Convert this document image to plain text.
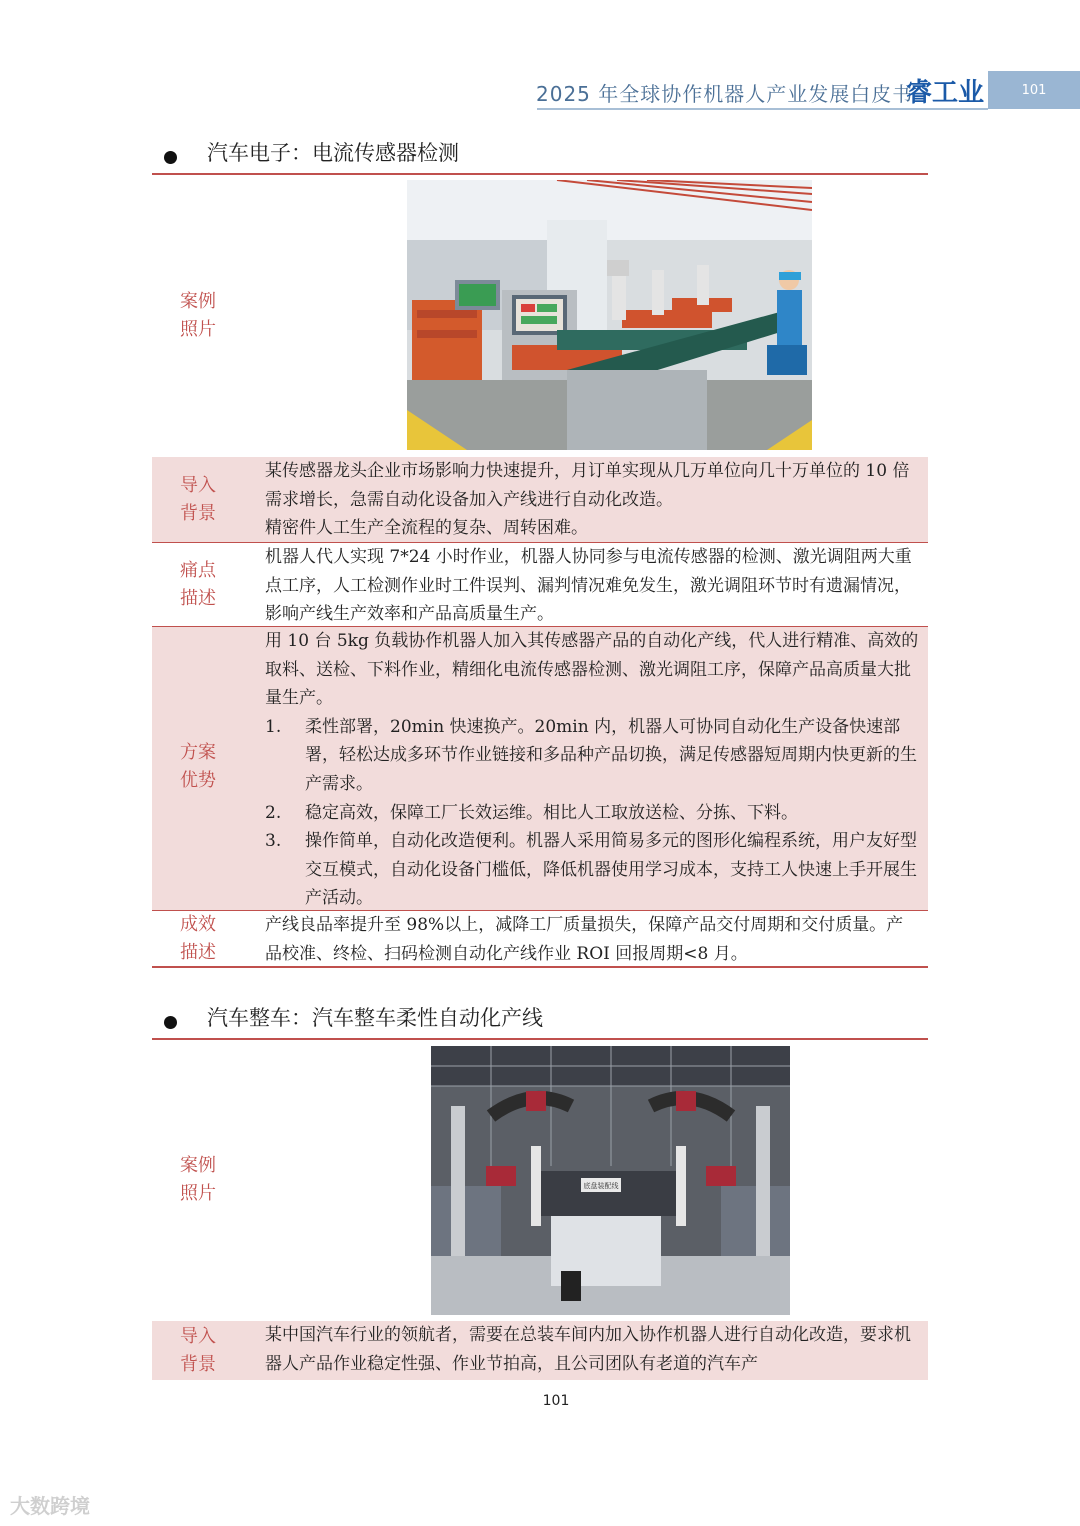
2025 年全球协作机器人产业发展白皮书
睿工业	101
汽车电子：电流传感器检测
案例
照片
导入
背景

某传感器龙头企业市场影响力快速提升，月订单实现从几万单位向几十万单位的 10 倍需求增长，急需自动化设备加入产线进行自动化改造。

精密件人工生产全流程的复杂、周转困难。

痛点
描述

机器人代人实现 7*24 小时作业，机器人协同参与电流传感器的检测、激光调阻两大重点工序，人工检测作业时工件误判、漏判情况难免发生，激光调阻环节时有遗漏情况，影响产线生产效率和产品高质量生产。

方案
优势

用 10 台 5kg 负载协作机器人加入其传感器产品的自动化产线，代人进行精准、高效的取料、送检、下料作业，精细化电流传感器检测、激光调阻工序，保障产品高质量大批量生产。

1. 柔性部署，20min 快速换产。20min 内，机器人可协同自动化生产设备快速部署，轻松达成多环节作业链接和多品种产品切换，满足传感器短周期内快更新的生产需求。
2. 稳定高效，保障工厂长效运维。相比人工取放送检、分拣、下料。
3. 操作简单，自动化改造便利。机器人采用简易多元的图形化编程系统，用户友好型交互模式，自动化设备门槛低，降低机器使用学习成本，支持工人快速上手开展生产活动。
成效
描述

产线良品率提升至 98%以上，减降工厂质量损失，保障产品交付周期和交付质量。产品校准、终检、扫码检测自动化产线作业 ROI 回报周期<8 月。

汽车整车：汽车整车柔性自动化产线
案例
照片	底盘装配线
导入
背景

某中国汽车行业的领航者，需要在总装车间内加入协作机器人进行自动化改造，要求机器人产品作业稳定性强、作业节拍高，且公司团队有老道的汽车产

101
大数跨境
